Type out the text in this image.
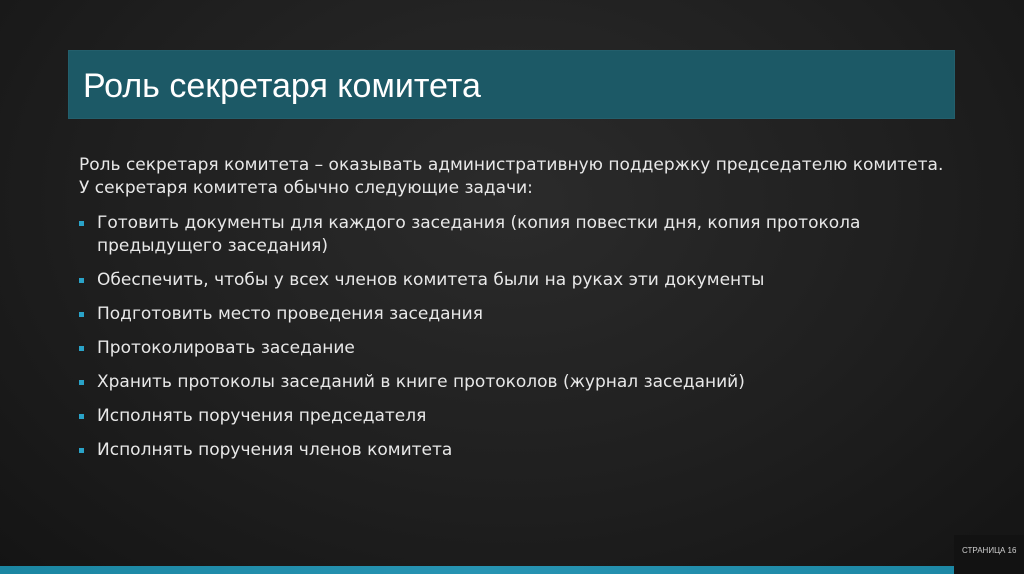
Роль секретаря комитета

Роль секретаря комитета – оказывать административную поддержку председателю комитета. У секретаря комитета обычно следующие задачи:

Готовить документы для каждого заседания (копия повестки дня, копия протокола предыдущего заседания)
Обеспечить, чтобы у всех членов комитета были на руках эти документы
Подготовить место проведения заседания
Протоколировать заседание
Хранить протоколы заседаний в книге протоколов (журнал заседаний)
Исполнять поручения председателя
Исполнять поручения членов комитета
СТРАНИЦА 16
